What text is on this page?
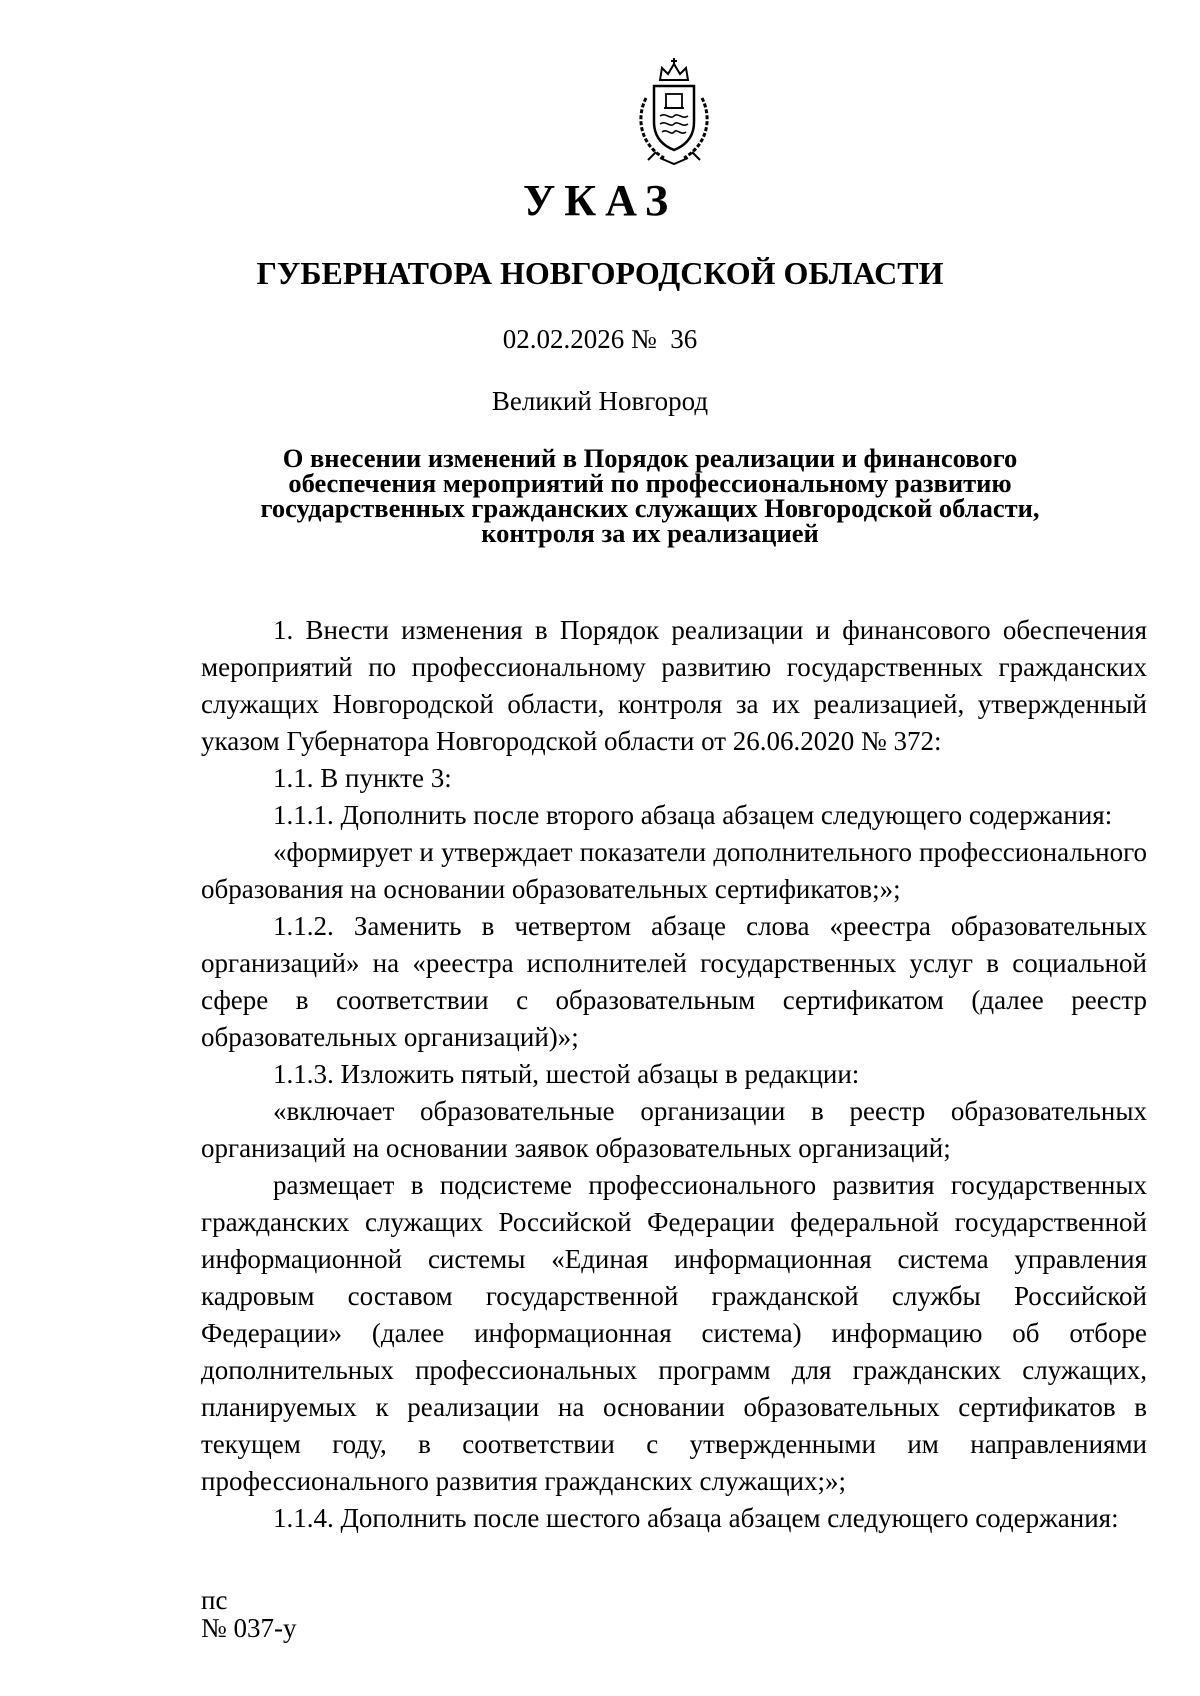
УКАЗ
ГУБЕРНАТОРА НОВГОРОДСКОЙ ОБЛАСТИ
02.02.2026 №  36
Великий Новгород
О внесении изменений в Порядок реализации и финансового
обеспечения мероприятий по профессиональному развитию
государственных гражданских служащих Новгородской области,
контроля за их реализацией

1. Внести изменения в Порядок реализации и финансового обеспечения мероприятий по профессиональному развитию государственных гражданских служащих Новгородской области, контроля за их реализацией, утвержденный указом Губернатора Новгородской области от 26.06.2020 № 372:

1.1. В пункте 3:

1.1.1. Дополнить после второго абзаца абзацем следующего содержания:

«формирует и утверждает показатели дополнительного профессионального образования на основании образовательных сертификатов;»;

1.1.2. Заменить в четвертом абзаце слова «реестра образовательных организаций» на «реестра исполнителей государственных услуг в социальной сфере в соответствии с образовательным сертификатом (далее реестр образовательных организаций)»;

1.1.3. Изложить пятый, шестой абзацы в редакции:

«включает образовательные организации в реестр образовательных организаций на основании заявок образовательных организаций;

размещает в подсистеме профессионального развития государственных гражданских служащих Российской Федерации федеральной государственной информационной системы «Единая информационная система управления кадровым составом государственной гражданской службы Российской Федерации» (далее информационная система) информацию об отборе дополнительных профессиональных программ для гражданских служащих, планируемых к реализации на основании образовательных сертификатов в текущем году, в соответствии с утвержденными им направлениями профессионального развития гражданских служащих;»;

1.1.4. Дополнить после шестого абзаца абзацем следующего содержания:

пс
№ 037-у
